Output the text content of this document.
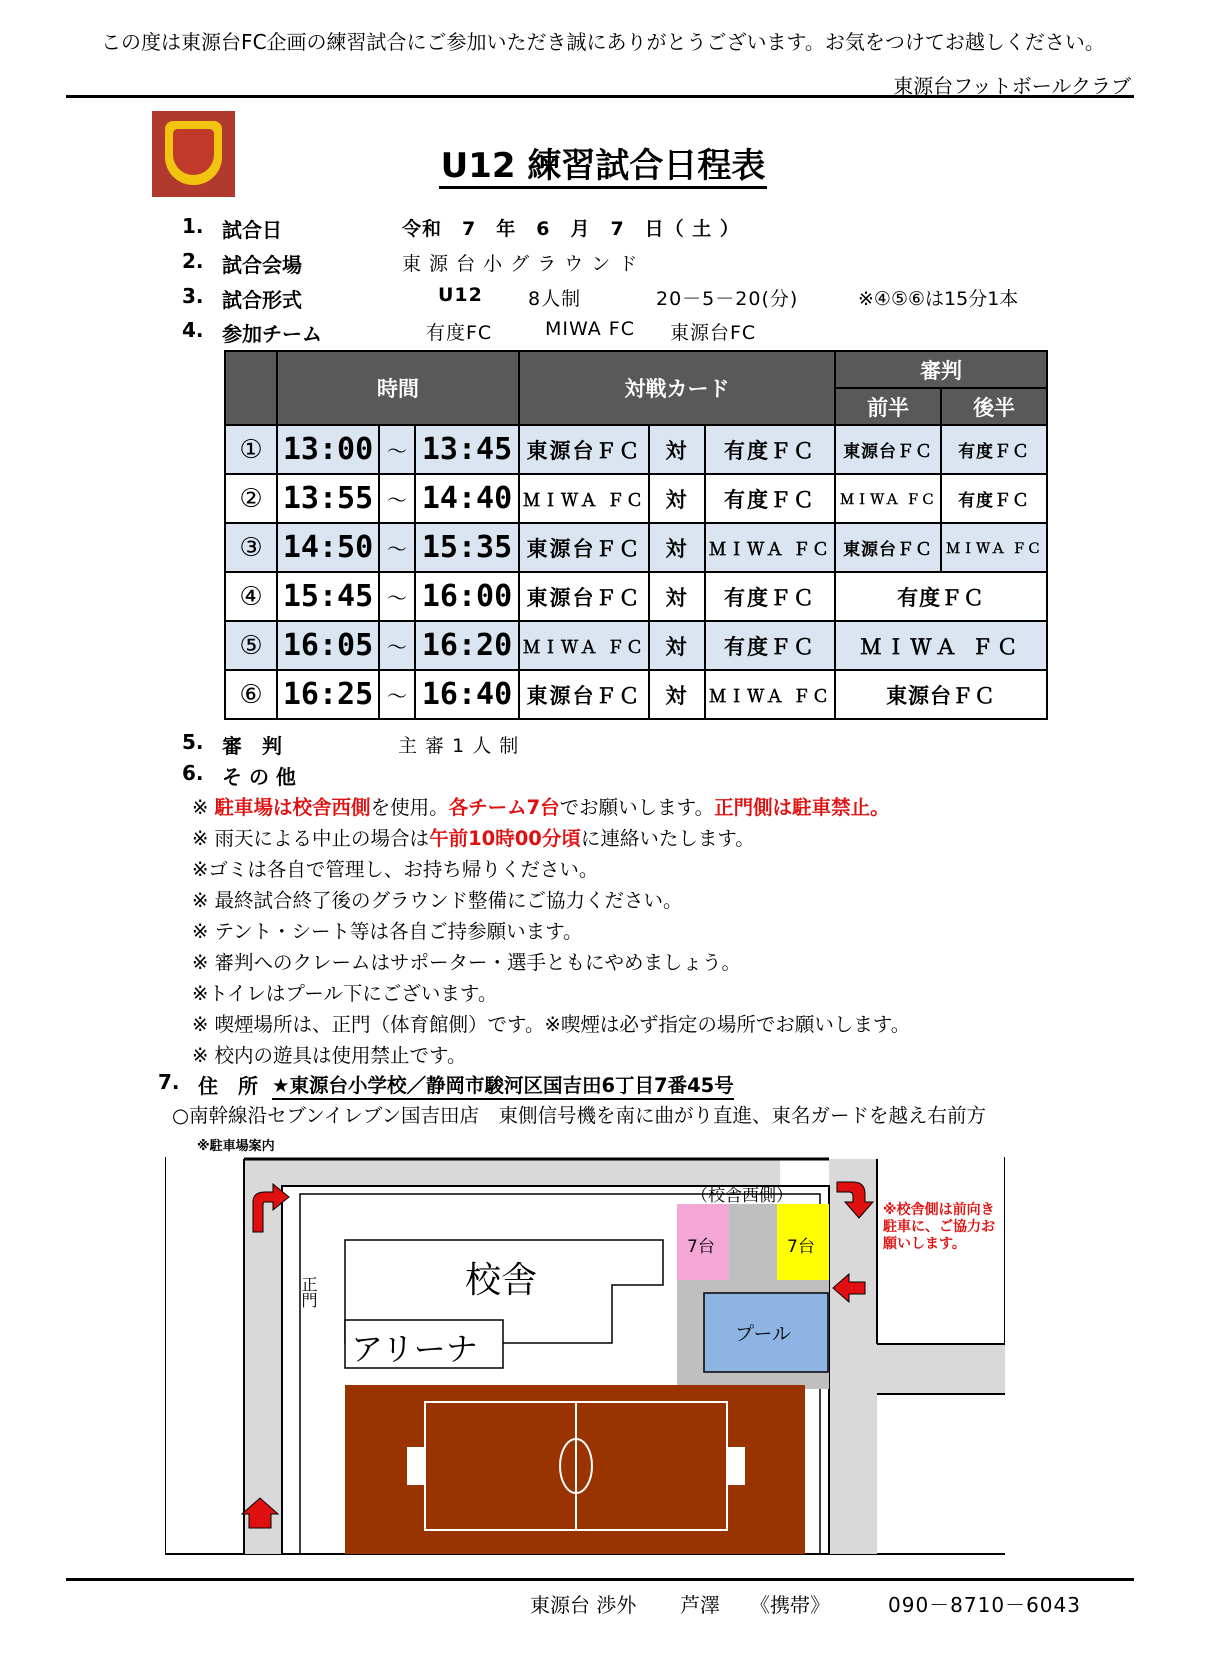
この度は東源台FC企画の練習試合にご参加いただき誠にありがとうございます。お気をつけてお越しください。
東源台フットボールクラブ
U12 練習試合日程表
1. 試合日	令和　7　年　6　月　7　日（ 土 ）
2. 試合会場	東 源 台 小 グ ラ ウ ン ド
3. 試合形式	U12 8人制	20－5－20(分)	※④⑤⑥は15分1本
4. 参加チーム	有度FC	MIWA FC 東源台FC
	時間			対戦カード			審判	
							前半	後半
①	13:00	～	13:45	東源台ＦＣ	対	有度ＦＣ	東源台ＦＣ	有度ＦＣ
②	13:55	～	14:40	ＭＩＷＡ ＦＣ	対	有度ＦＣ	ＭＩＷＡ ＦＣ	有度ＦＣ
③	14:50	～	15:35	東源台ＦＣ	対	ＭＩＷＡ ＦＣ	東源台ＦＣ	ＭＩＷＡ ＦＣ
④	15:45	～	16:00	東源台ＦＣ	対	有度ＦＣ	有度ＦＣ	
⑤	16:05	～	16:20	ＭＩＷＡ ＦＣ	対	有度ＦＣ	ＭＩＷＡ ＦＣ	
⑥	16:25	～	16:40	東源台ＦＣ	対	ＭＩＷＡ ＦＣ	東源台ＦＣ	
5. 審　判	主 審 1 人 制
6. そ の 他
※ 駐車場は校舎西側を使用。各チーム7台でお願いします。正門側は駐車禁止。
※ 雨天による中止の場合は午前10時00分頃に連絡いたします。
※ゴミは各自で管理し、お持ち帰りください。
※ 最終試合終了後のグラウンド整備にご協力ください。
※ テント・シート等は各自ご持参願います。
※ 審判へのクレームはサポーター・選手ともにやめましょう。
※トイレはプール下にございます。
※ 喫煙場所は、正門（体育館側）です。※喫煙は必ず指定の場所でお願いします。
※ 校内の遊具は使用禁止です。
7. 住　所 ★東源台小学校／静岡市駿河区国吉田6丁目7番45号
○南幹線沿セブンイレブン国吉田店　東側信号機を南に曲がり直進、東名ガードを越え右前方
※駐車場案内
校舎
アリーナ
正門
（校舎西側）
7台	7台
プール
※校舎側は前向き駐車に、ご協力お願いします。
東源台 渉外 芦澤 《携帯》	090－8710－6043
